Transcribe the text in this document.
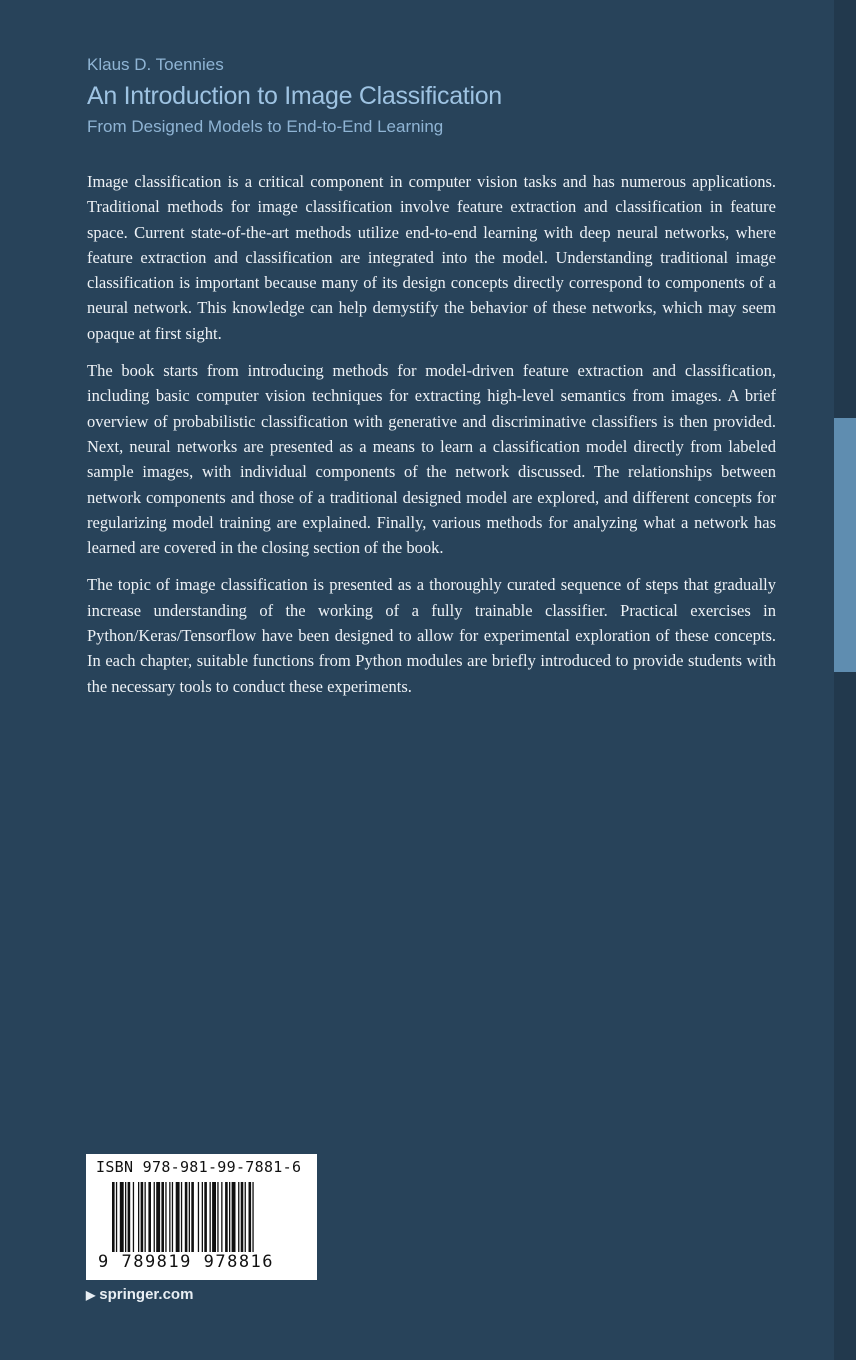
Klaus D. Toennies
An Introduction to Image Classification
From Designed Models to End-to-End Learning

Image classification is a critical component in computer vision tasks and has numerous applications. Traditional methods for image classification involve feature extraction and classification in feature space. Current state-of-the-art methods utilize end-to-end learning with deep neural networks, where feature extraction and classification are integrated into the model. Understanding traditional image classification is important because many of its design concepts directly correspond to components of a neural network. This knowledge can help demystify the behavior of these networks, which may seem opaque at first sight.

The book starts from introducing methods for model-driven feature extraction and classification, including basic computer vision techniques for extracting high-level semantics from images. A brief overview of probabilistic classification with generative and discriminative classifiers is then provided. Next, neural networks are presented as a means to learn a classification model directly from labeled sample images, with individual components of the network discussed. The relationships between network components and those of a traditional designed model are explored, and different concepts for regularizing model training are explained. Finally, various methods for analyzing what a network has learned are covered in the closing section of the book.

The topic of image classification is presented as a thoroughly curated sequence of steps that gradually increase understanding of the working of a fully trainable classifier. Practical exercises in Python/Keras/Tensorflow have been designed to allow for experimental exploration of these concepts. In each chapter, suitable functions from Python modules are briefly introduced to provide students with the necessary tools to conduct these experiments.

ISBN 978-981-99-7881-6
9 789819 978816
▶ springer.com
